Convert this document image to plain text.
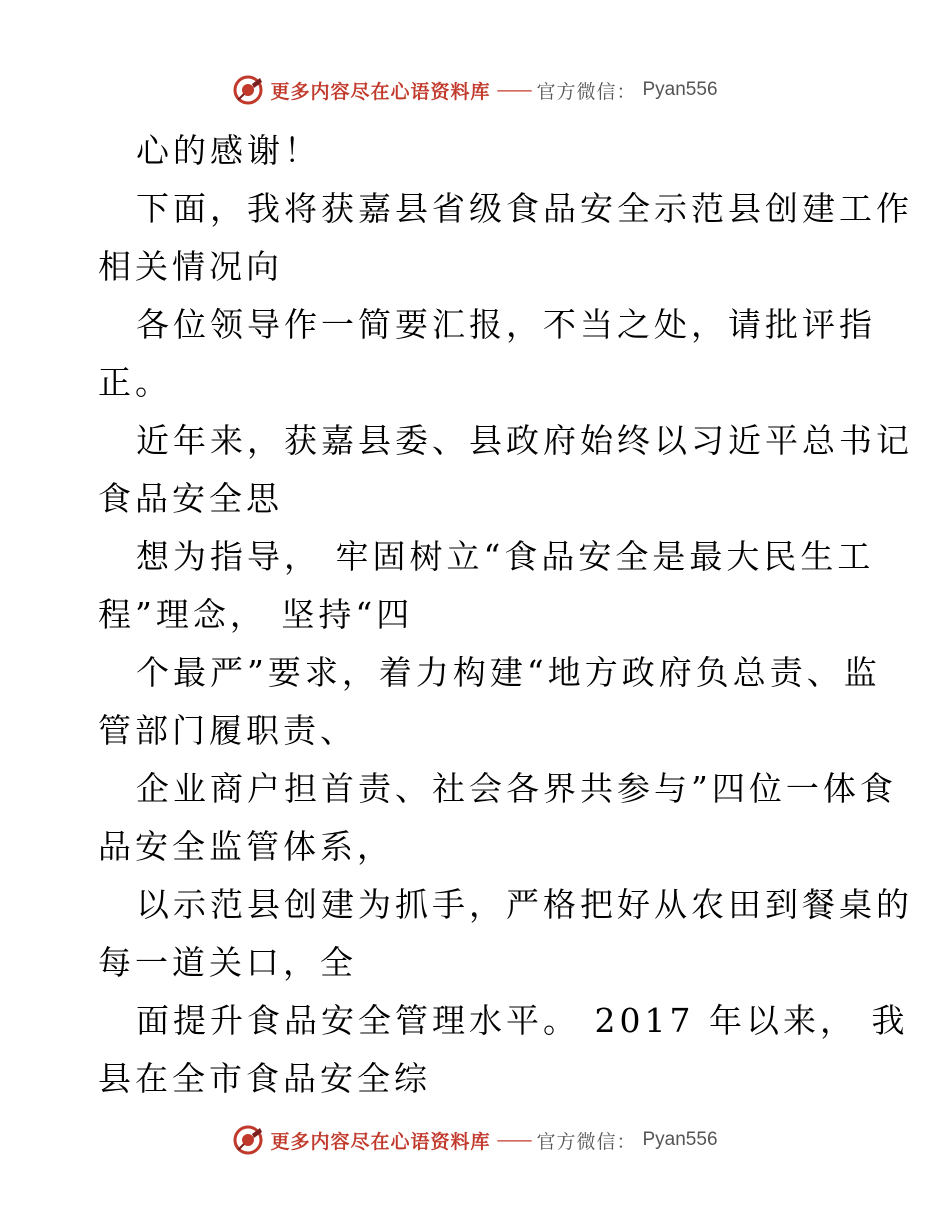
更多内容尽在心语资料库 —— 官方微信： Pyan556
心的感谢！
下面，我将获嘉县省级食品安全示范县创建工作
相关情况向
各位领导作一简要汇报，不当之处，请批评指
正。
近年来，获嘉县委、县政府始终以习近平总书记
食品安全思
想为指导， 牢固树立“食品安全是最大民生工
程”理念， 坚持“四
个最严”要求，着力构建“地方政府负总责、监
管部门履职责、
企业商户担首责、社会各界共参与”四位一体食
品安全监管体系，
以示范县创建为抓手，严格把好从农田到餐桌的
每一道关口，全
面提升食品安全管理水平。 2017 年以来， 我
县在全市食品安全综
更多内容尽在心语资料库 —— 官方微信： Pyan556
